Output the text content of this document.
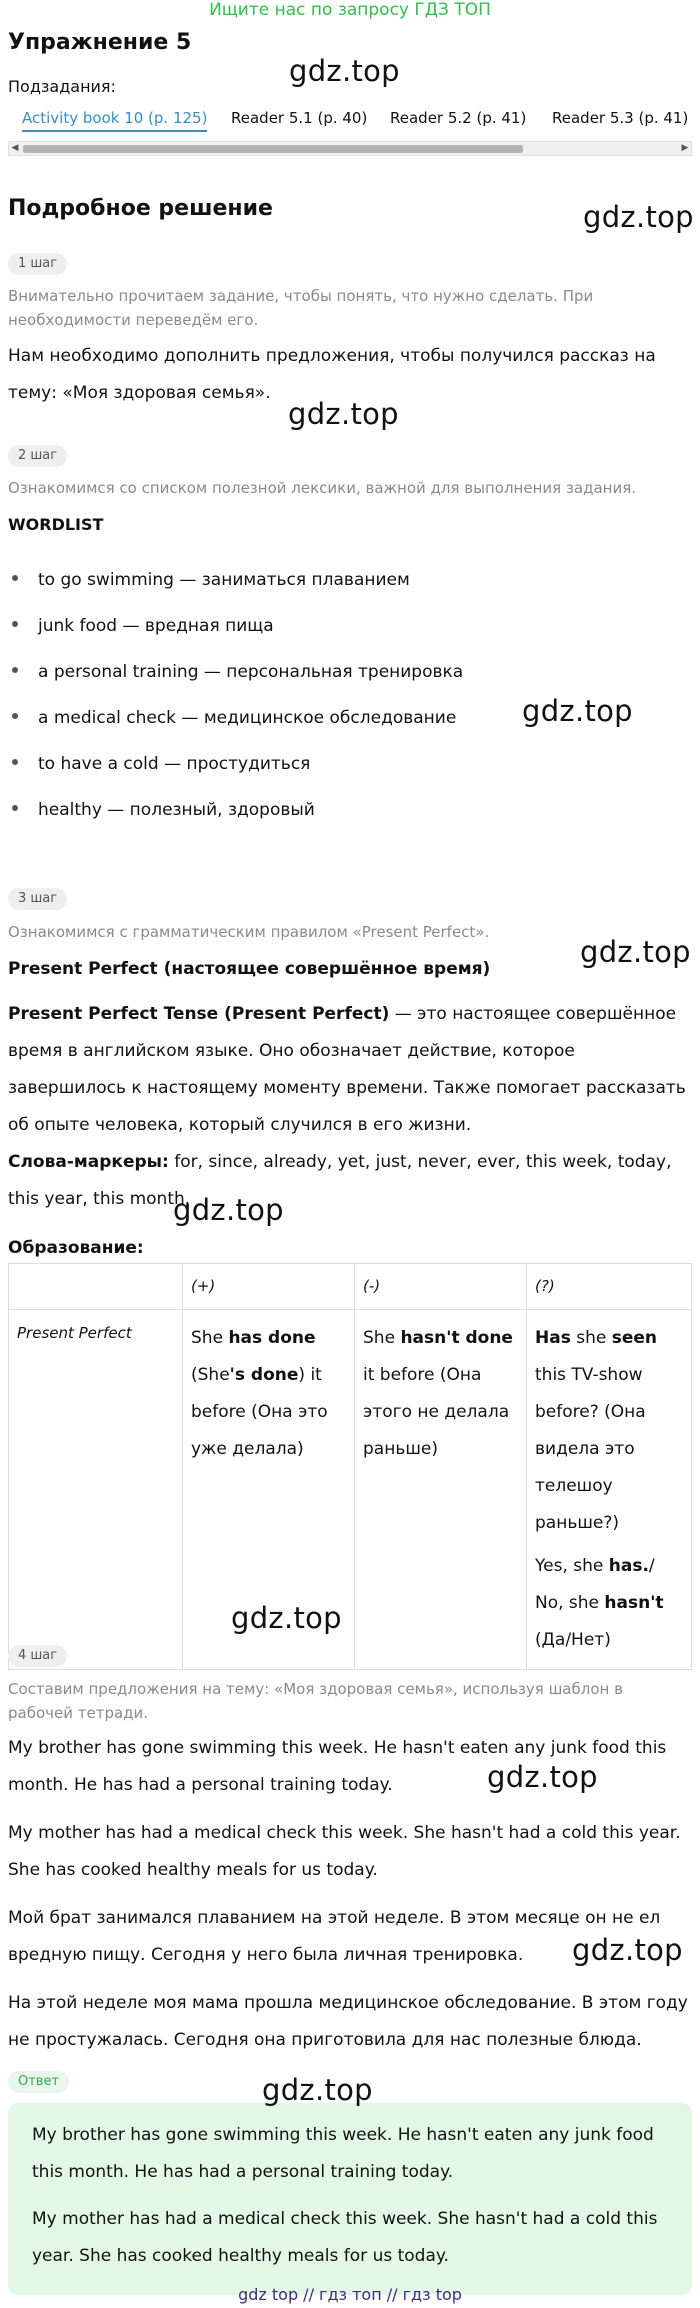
Ищите нас по запросу ГДЗ ТОП
Упражнение 5
Подзадания:
Activity book 10 (p. 125) Reader 5.1 (p. 40) Reader 5.2 (p. 41) Reader 5.3 (p. 41)
◀	▶
Подробное решение
1 шаг
Внимательно прочитаем задание, чтобы понять, что нужно сделать. При необходимости переведём его.
Нам необходимо дополнить предложения, чтобы получился рассказ на тему: «Моя здоровая семья».
2 шаг
Ознакомимся со списком полезной лексики, важной для выполнения задания.
WORDLIST
to go swimming — заниматься плаванием
junk food — вредная пища
a personal training — персональная тренировка
a medical check — медицинское обследование
to have a cold — простудиться
healthy — полезный, здоровый
3 шаг
Ознакомимся с грамматическим правилом «Present Perfect».
Present Perfect (настоящее совершённое время)
Present Perfect Tense (Present Perfect) — это настоящее совершённое время в английском языке. Оно обозначает действие, которое завершилось к настоящему моменту времени. Также помогает рассказать об опыте человека, который случился в его жизни.
Слова-маркеры: for, since, already, yet, just, never, ever, this week, today, this year, this month.
Образование:
	(+)	(-)	(?)
Present Perfect	She has done (She's done) it before (Она это уже делала)	She hasn't done it before (Она этого не делала раньше)	Has she seen this TV-show before? (Она видела это телешоу раньше?)
Yes, she has./ No, she hasn't (Да/Нет)
4 шаг
Составим предложения на тему: «Моя здоровая семья», используя шаблон в рабочей тетради.
My brother has gone swimming this week. He hasn't eaten any junk food this month. He has had a personal training today.
My mother has had a medical check this week. She hasn't had a cold this year. She has cooked healthy meals for us today.
Мой брат занимался плаванием на этой неделе. В этом месяце он не ел вредную пищу. Сегодня у него была личная тренировка.
На этой неделе моя мама прошла медицинское обследование. В этом году не простужалась. Сегодня она приготовила для нас полезные блюда.
Ответ

My brother has gone swimming this week. He hasn't eaten any junk food this month. He has had a personal training today.

My mother has had a medical check this week. She hasn't had a cold this year. She has cooked healthy meals for us today.

gdz top // гдз топ // гдз top
gdz.top
gdz.top
gdz.top
gdz.top
gdz.top
gdz.top
gdz.top
gdz.top
gdz.top
gdz.top
